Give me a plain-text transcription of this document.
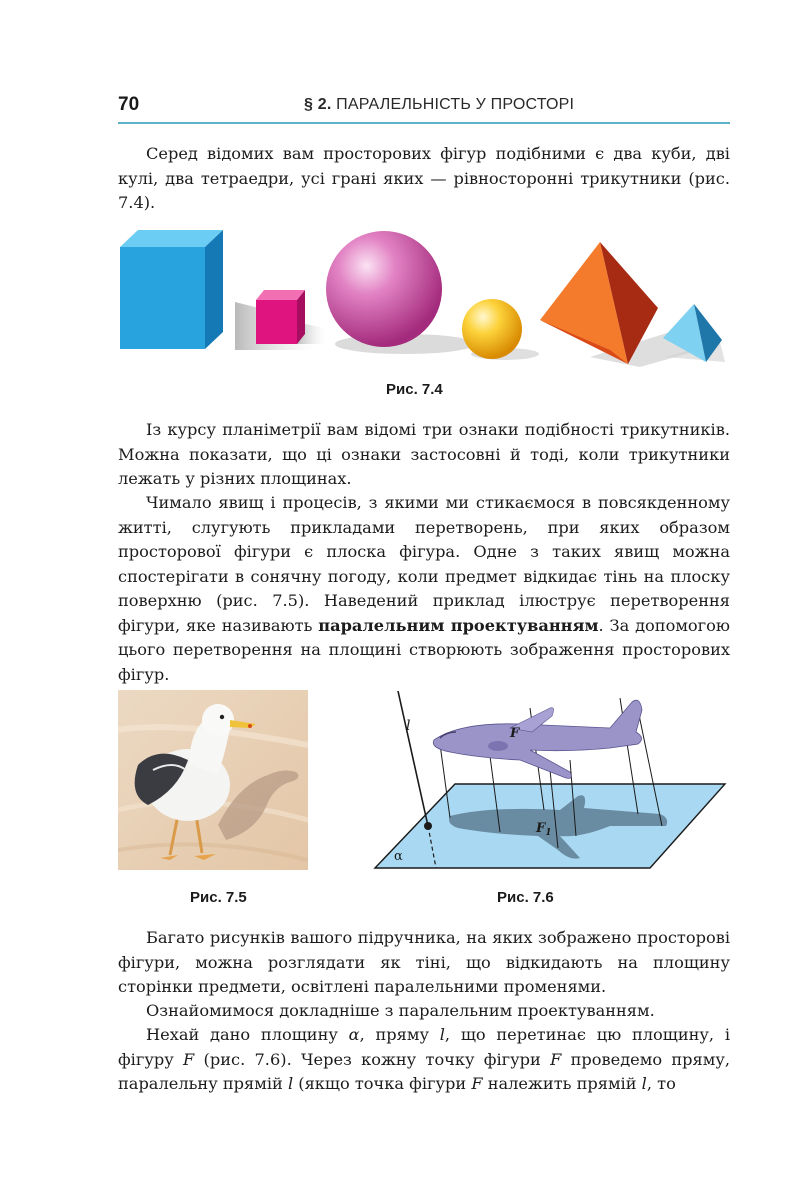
70	§ 2. ПАРАЛЕЛЬНІСТЬ У ПРОСТОРІ

Серед відомих вам просторових фігур подібними є два куби, дві кулі, два тетраедри, усі грані яких — рівносторонні трикутники (рис. 7.4).

Рис. 7.4

Із курсу планіметрії вам відомі три ознаки подібності трикутників. Можна показати, що ці ознаки застосовні й тоді, коли трикутники лежать у різних площинах.

Чимало явищ і процесів, з якими ми стикаємося в повсякденному житті, слугують прикладами перетворень, при яких образом просторової фігури є плоска фігура. Одне з таких явищ можна спостерігати в сонячну погоду, коли предмет відкидає тінь на плоску поверхню (рис. 7.5). Наведений приклад ілюструє перетворення фігури, яке називають паралельним проектуванням. За допомогою цього перетворення на площині створюють зображення просторових фігур.

Рис. 7.5
l	F
$F_1$
α
Рис. 7.6

Багато рисунків вашого підручника, на яких зображено просторові фігури, можна розглядати як тіні, що відкидають на площину сторінки предмети, освітлені паралельними променями.

Ознайомимося докладніше з паралельним проектуванням.

Нехай дано площину α, пряму l, що перетинає цю площину, і фігуру F (рис. 7.6). Через кожну точку фігури F проведемо пряму, паралельну прямій l (якщо точка фігури F належить прямій l, то
